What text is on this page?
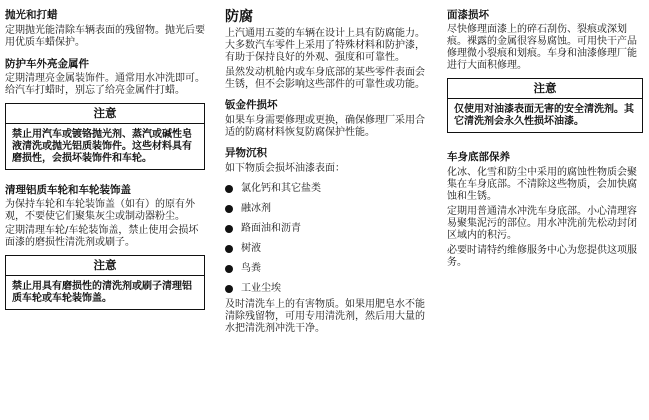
抛光和打蜡

定期抛光能清除车辆表面的残留物。抛光后要用优质车蜡保护。

防护车外亮金属件

定期清理亮金属装饰件。通常用水冲洗即可。给汽车打蜡时，别忘了给亮金属件打蜡。

注意
禁止用汽车或镀铬抛光剂、蒸汽或碱性皂液清洗或抛光铝质装饰件。这些材料具有磨损性，会损坏装饰件和车轮。

清理铝质车轮和车轮装饰盖

为保持车轮和车轮装饰盖（如有）的原有外观，不要使它们聚集灰尘或制动器粉尘。

定期清理车轮/车轮装饰盖，禁止使用会损坏面漆的磨损性清洗剂或刷子。

注意
禁止用具有磨损性的清洗剂或刷子清理铝质车轮或车轮装饰盖。

防腐

上汽通用五菱的车辆在设计上具有防腐能力。大多数汽车零件上采用了特殊材料和防护漆，有助于保持良好的外观、强度和可靠性。

虽然发动机舱内或车身底部的某些零件表面会生锈，但不会影响这些部件的可靠性或功能。

钣金件损坏

如果车身需要修理或更换，确保修理厂采用合适的防腐材料恢复防腐保护性能。

异物沉积

如下物质会损坏油漆表面：

氯化钙和其它盐类
融冰剂
路面油和沥青
树液
鸟粪
工业尘埃

及时清洗车上的有害物质。如果用肥皂水不能清除残留物，可用专用清洗剂，然后用大量的水把清洗剂冲洗干净。

面漆损坏

尽快修理面漆上的碎石刮伤、裂痕或深划痕。裸露的金属很容易腐蚀。可用快干产品修理微小裂痕和划痕。车身和油漆修理厂能进行大面积修理。

注意
仅使用对油漆表面无害的安全清洗剂。其它清洗剂会永久性损坏油漆。

车身底部保养

化冰、化雪和防尘中采用的腐蚀性物质会聚集在车身底部。不清除这些物质，会加快腐蚀和生锈。

定期用普通清水冲洗车身底部。小心清理容易聚集泥污的部位。用水冲洗前先松动封闭区域内的积污。

必要时请特约维修服务中心为您提供这项服务。
